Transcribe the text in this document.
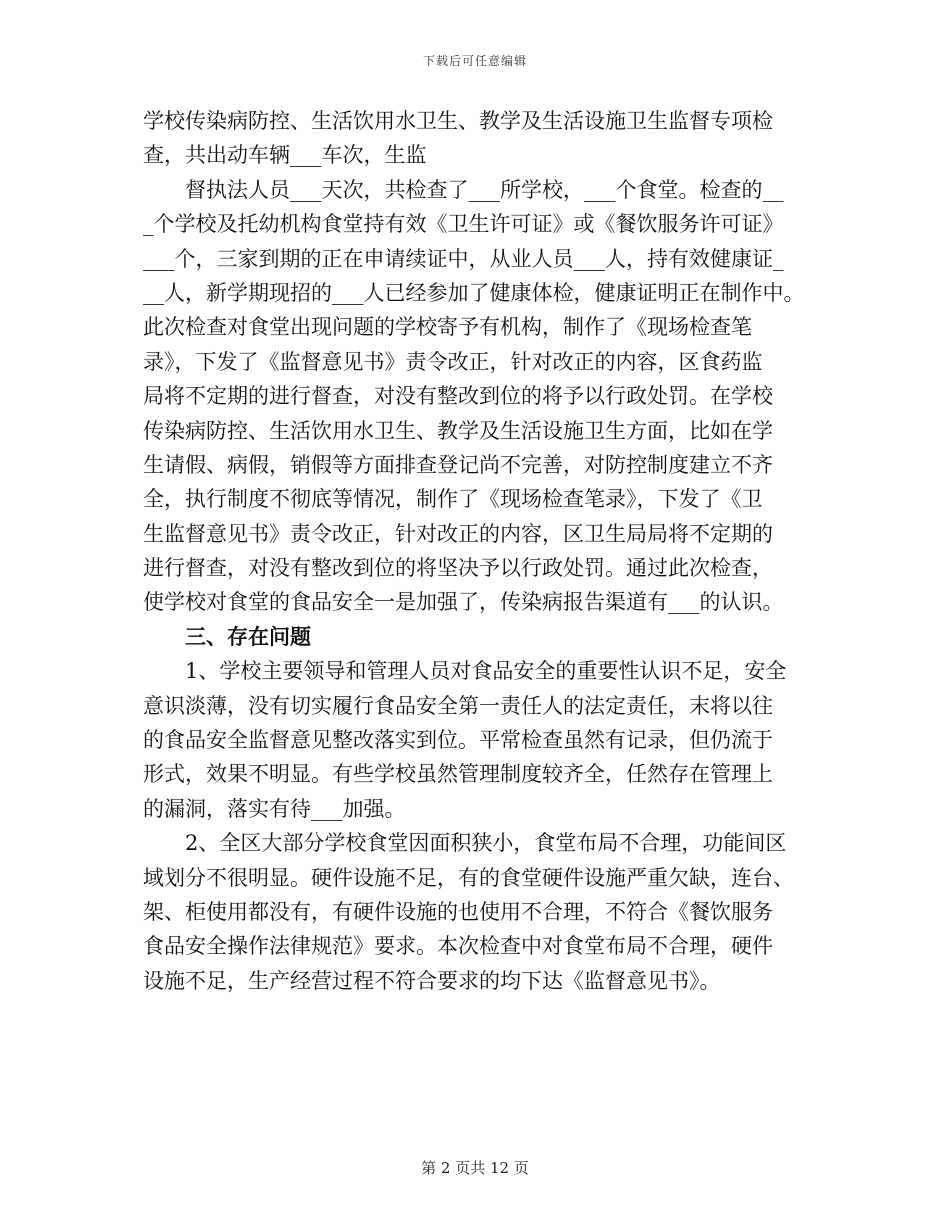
下载后可任意编辑
学校传染病防控、生活饮用水卫生、教学及生活设施卫生监督专项检
查，共出动车辆___车次，生监
督执法人员___天次，共检查了___所学校，___个食堂。检查的__
_个学校及托幼机构食堂持有效《卫生许可证》或《餐饮服务许可证》
___个，三家到期的正在申请续证中，从业人员___人，持有效健康证_
__人，新学期现招的___人已经参加了健康体检，健康证明正在制作中。
此次检查对食堂出现问题的学校寄予有机构，制作了《现场检查笔
录》，下发了《监督意见书》责令改正，针对改正的内容，区食药监
局将不定期的进行督查，对没有整改到位的将予以行政处罚。在学校
传染病防控、生活饮用水卫生、教学及生活设施卫生方面，比如在学
生请假、病假，销假等方面排查登记尚不完善，对防控制度建立不齐
全，执行制度不彻底等情况，制作了《现场检查笔录》，下发了《卫
生监督意见书》责令改正，针对改正的内容，区卫生局局将不定期的
进行督查，对没有整改到位的将坚决予以行政处罚。通过此次检查，
使学校对食堂的食品安全一是加强了，传染病报告渠道有___的认识。
三、存在问题
1、学校主要领导和管理人员对食品安全的重要性认识不足，安全
意识淡薄，没有切实履行食品安全第一责任人的法定责任，末将以往
的食品安全监督意见整改落实到位。平常检查虽然有记录，但仍流于
形式，效果不明显。有些学校虽然管理制度较齐全，任然存在管理上
的漏洞，落实有待___加强。
2、全区大部分学校食堂因面积狭小，食堂布局不合理，功能间区
域划分不很明显。硬件设施不足，有的食堂硬件设施严重欠缺，连台、
架、柜使用都没有，有硬件设施的也使用不合理，不符合《餐饮服务
食品安全操作法律规范》要求。本次检查中对食堂布局不合理，硬件
设施不足，生产经营过程不符合要求的均下达《监督意见书》。
第 2 页共 12 页
